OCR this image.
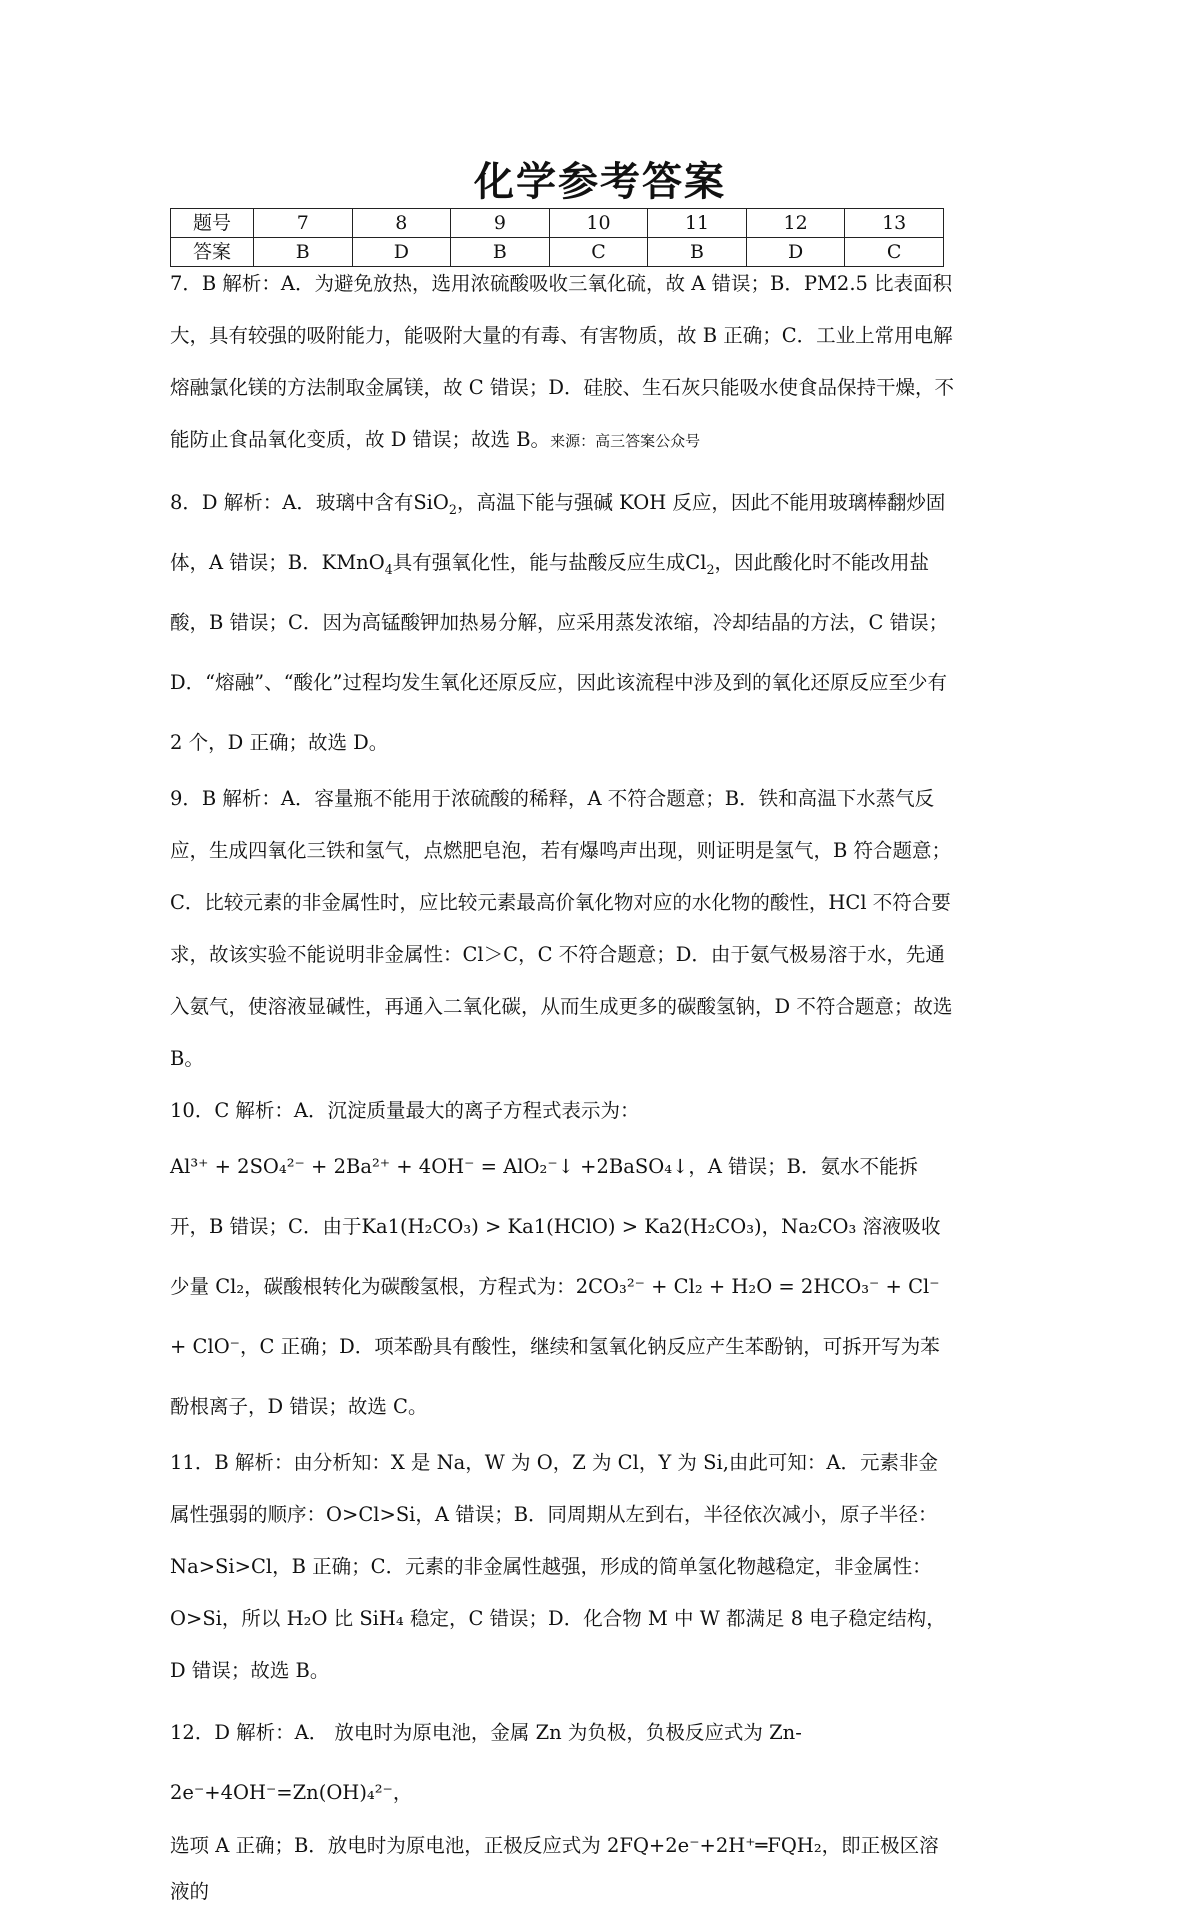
化学参考答案
题号	7	8	9	10	11	12	13
答案	B	D	B	C	B	D	C

7．B 解析：A．为避免放热，选用浓硫酸吸收三氧化硫，故 A 错误；B．PM2.5 比表面积大，具有较强的吸附能力，能吸附大量的有毒、有害物质，故 B 正确；C．工业上常用电解熔融氯化镁的方法制取金属镁，故 C 错误；D．硅胶、生石灰只能吸水使食品保持干燥，不能防止食品氧化变质，故 D 错误；故选 B。来源：高三答案公众号

8．D 解析：A．玻璃中含有SiO$_2$，高温下能与强碱 KOH 反应，因此不能用玻璃棒翻炒固体，A 错误；B．KMnO$_4$具有强氧化性，能与盐酸反应生成$Cl_2$，因此酸化时不能改用盐酸，B 错误；C．因为高锰酸钾加热易分解，应采用蒸发浓缩，冷却结晶的方法，C 错误；D．“熔融”、“酸化”过程均发生氧化还原反应，因此该流程中涉及到的氧化还原反应至少有 2 个，D 正确；故选 D。

9．B 解析：A．容量瓶不能用于浓硫酸的稀释，A 不符合题意；B．铁和高温下水蒸气反应，生成四氧化三铁和氢气，点燃肥皂泡，若有爆鸣声出现，则证明是氢气，B 符合题意；C．比较元素的非金属性时，应比较元素最高价氧化物对应的水化物的酸性，HCl 不符合要求，故该实验不能说明非金属性：Cl＞C，C 不符合题意；D．由于氨气极易溶于水，先通入氨气，使溶液显碱性，再通入二氧化碳，从而生成更多的碳酸氢钠，D 不符合题意；故选 B。

10．C 解析：A．沉淀质量最大的离子方程式表示为：

Al³⁺ + 2SO₄²⁻ + 2Ba²⁺ + 4OH⁻ = AlO₂⁻↓ +2BaSO₄↓，A 错误；B．氨水不能拆开，B 错误；C．由于Ka1(H₂CO₃) > Ka1(HClO) > Ka2(H₂CO₃)，Na₂CO₃ 溶液吸收少量 Cl₂，碳酸根转化为碳酸氢根，方程式为：2CO₃²⁻ + Cl₂ + H₂O = 2HCO₃⁻ + Cl⁻ + ClO⁻，C 正确；D．项苯酚具有酸性，继续和氢氧化钠反应产生苯酚钠，可拆开写为苯酚根离子，D 错误；故选 C。

11．B 解析：由分析知：X 是 Na，W 为 O，Z 为 Cl，Y 为 Si,由此可知：A．元素非金属性强弱的顺序：O>Cl>Si，A 错误；B．同周期从左到右，半径依次减小，原子半径：Na>Si>Cl，B 正确；C．元素的非金属性越强，形成的简单氢化物越稳定，非金属性：O>Si，所以 H₂O 比 SiH₄ 稳定，C 错误；D．化合物 M 中 W 都满足 8 电子稳定结构，D 错误；故选 B。

12．D 解析：A． 放电时为原电池，金属 Zn 为负极，负极反应式为 Zn-2e⁻+4OH⁻=Zn(OH)₄²⁻，

选项 A 正确；B．放电时为原电池，正极反应式为 2FQ+2e⁻+2H⁺═FQH₂，即正极区溶液的
